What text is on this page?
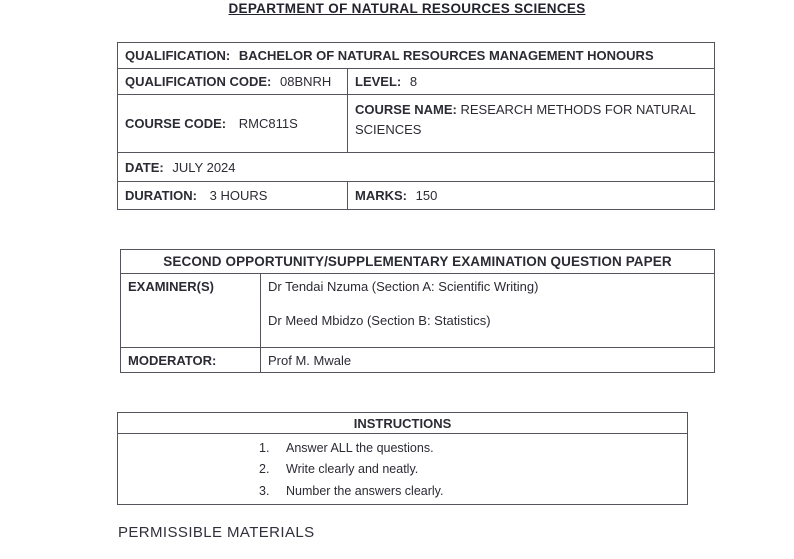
DEPARTMENT OF NATURAL RESOURCES SCIENCES
QUALIFICATION: BACHELOR OF NATURAL RESOURCES MANAGEMENT HONOURS	
QUALIFICATION CODE: 08BNRH	LEVEL: 8
COURSE CODE: RMC811S	COURSE NAME: RESEARCH METHODS FOR NATURAL SCIENCES

DATE: JULY 2024	
DURATION: 3 HOURS	MARKS: 150
SECOND OPPORTUNITY/SUPPLEMENTARY EXAMINATION QUESTION PAPER	
EXAMINER(S)	Dr Tendai Nzuma (Section A: Scientific Writing)
Dr Meed Mbidzo (Section B: Statistics)

MODERATOR:	Prof M. Mwale
INSTRUCTIONS

1.	Answer ALL the questions.
2.	Write clearly and neatly.
3.	Number the answers clearly.
PERMISSIBLE MATERIALS
